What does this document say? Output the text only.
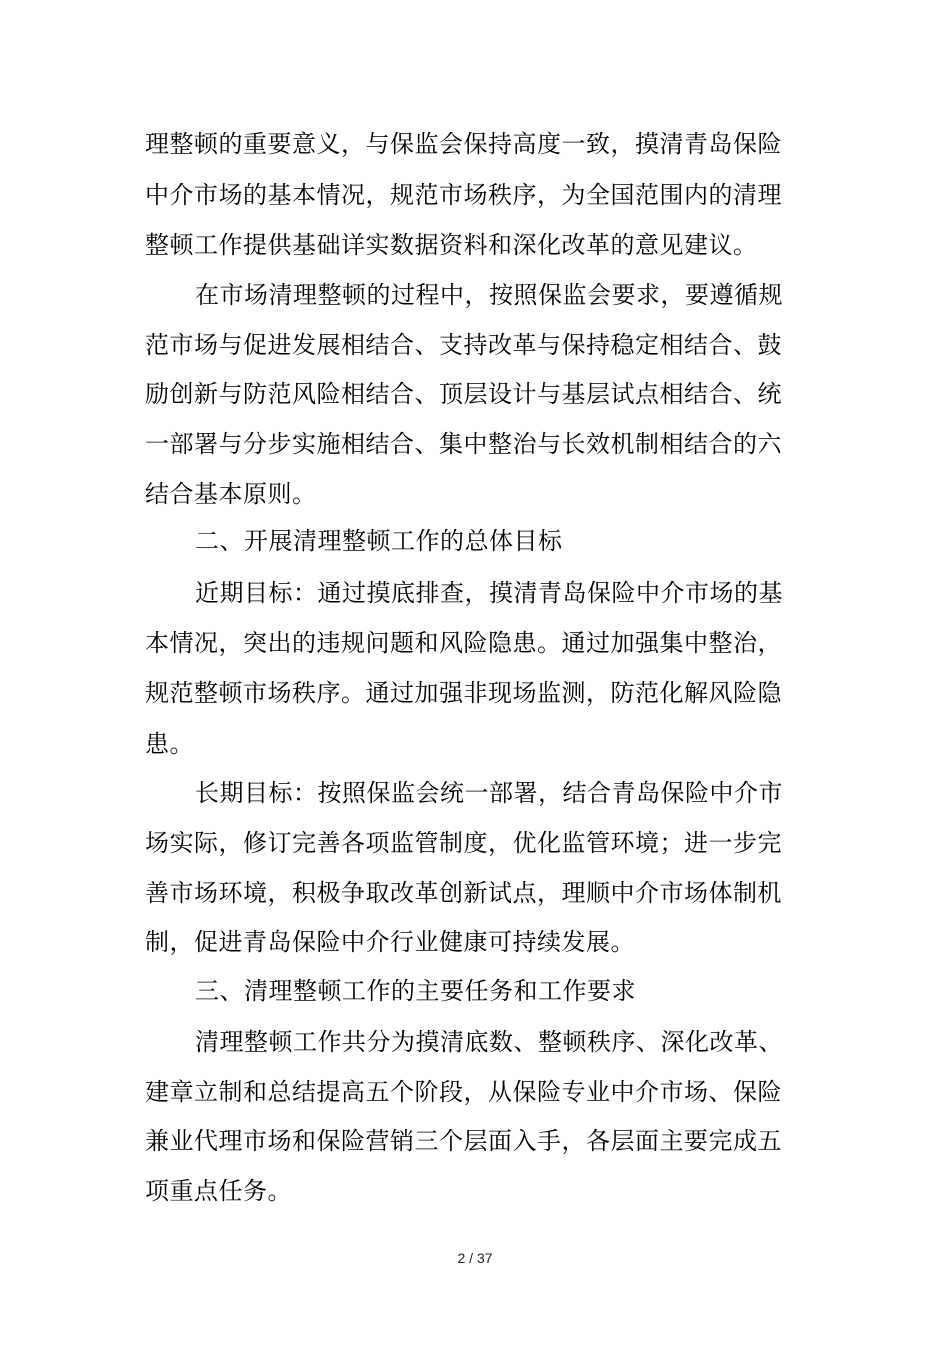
理整顿的重要意义，与保监会保持高度一致，摸清青岛保险
中介市场的基本情况，规范市场秩序，为全国范围内的清理
整顿工作提供基础详实数据资料和深化改革的意见建议。
在市场清理整顿的过程中，按照保监会要求，要遵循规
范市场与促进发展相结合、支持改革与保持稳定相结合、鼓
励创新与防范风险相结合、顶层设计与基层试点相结合、统
一部署与分步实施相结合、集中整治与长效机制相结合的六
结合基本原则。
二、开展清理整顿工作的总体目标
近期目标：通过摸底排查，摸清青岛保险中介市场的基
本情况，突出的违规问题和风险隐患。通过加强集中整治，
规范整顿市场秩序。通过加强非现场监测，防范化解风险隐
患。
长期目标：按照保监会统一部署，结合青岛保险中介市
场实际，修订完善各项监管制度，优化监管环境；进一步完
善市场环境，积极争取改革创新试点，理顺中介市场体制机
制，促进青岛保险中介行业健康可持续发展。
三、清理整顿工作的主要任务和工作要求
清理整顿工作共分为摸清底数、整顿秩序、深化改革、
建章立制和总结提高五个阶段，从保险专业中介市场、保险
兼业代理市场和保险营销三个层面入手，各层面主要完成五
项重点任务。
2 / 37
